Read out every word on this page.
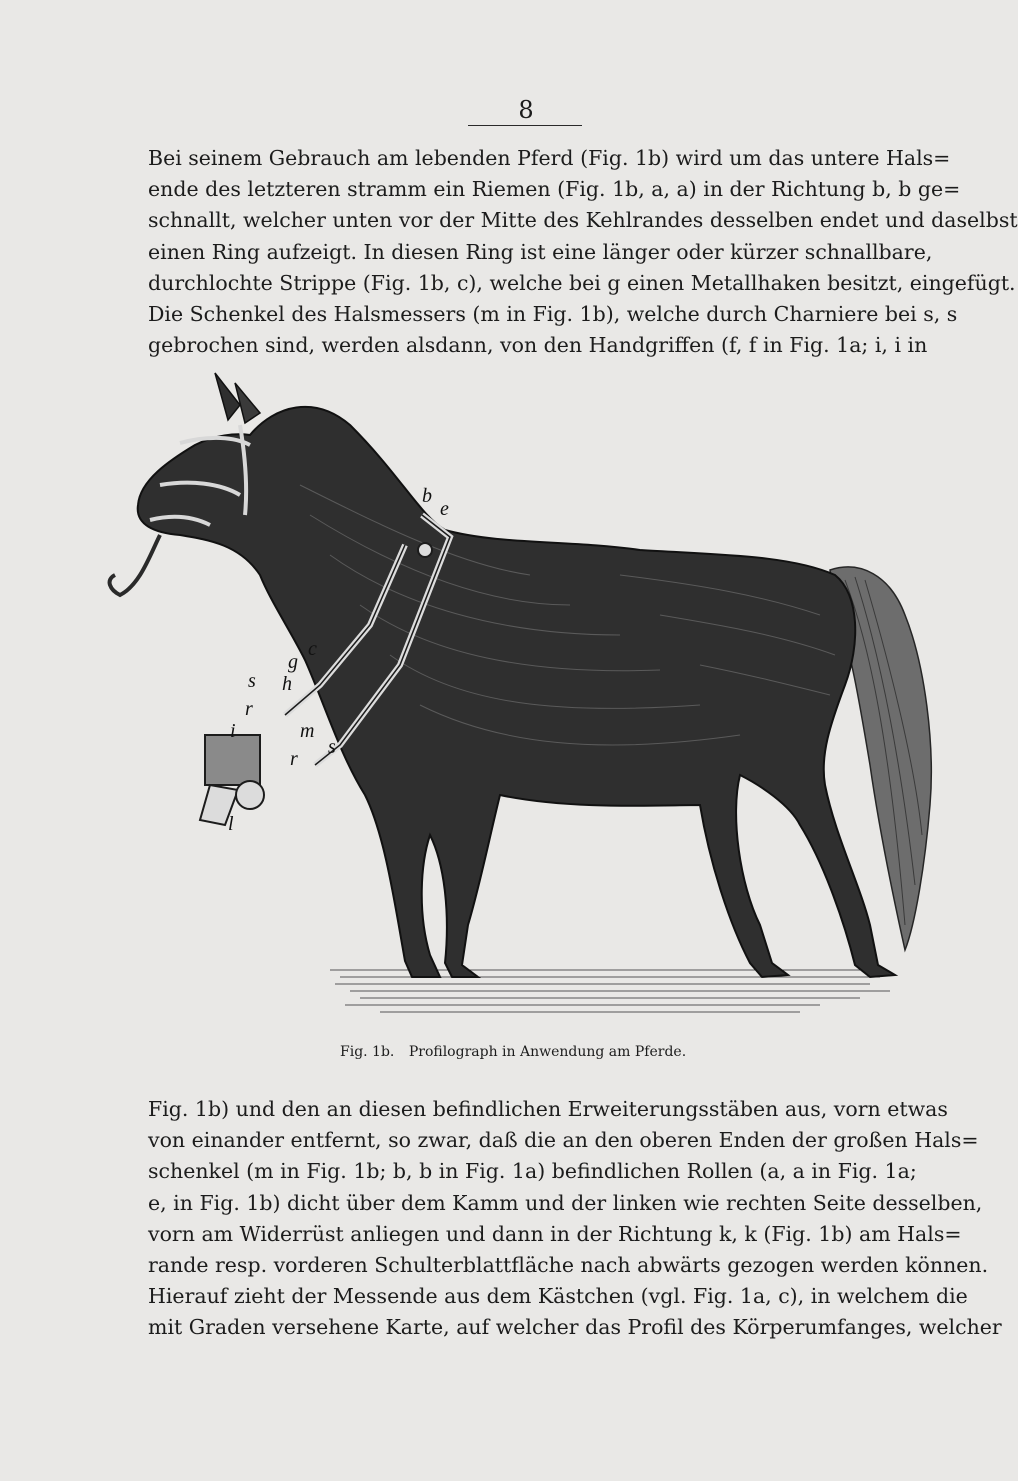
8
Bei seinem Gebrauch am lebenden Pferd (Fig. 1b) wird um das untere Hals=
ende des letzteren stramm ein Riemen (Fig. 1b, a, a) in der Richtung b, b ge=
schnallt, welcher unten vor der Mitte des Kehlrandes desselben endet und daselbst
einen Ring aufzeigt. In diesen Ring ist eine länger oder kürzer schnallbare,
durchlochte Strippe (Fig. 1b, c), welche bei g einen Metallhaken besitzt, eingefügt.
Die Schenkel des Halsmessers (m in Fig. 1b), welche durch Charniere bei s, s
gebrochen sind, werden alsdann, von den Handgriffen (f, f in Fig. 1a; i, i in
b
e
c
g
h
s
r
i	m
s
r
l
Fig. 1b. Profilograph in Anwendung am Pferde.
Fig. 1b) und den an diesen befindlichen Erweiterungsstäben aus, vorn etwas
von einander entfernt, so zwar, daß die an den oberen Enden der großen Hals=
schenkel (m in Fig. 1b; b, b in Fig. 1a) befindlichen Rollen (a, a in Fig. 1a;
e, in Fig. 1b) dicht über dem Kamm und der linken wie rechten Seite desselben,
vorn am Widerrüst anliegen und dann in der Richtung k, k (Fig. 1b) am Hals=
rande resp. vorderen Schulterblattfläche nach abwärts gezogen werden können.
Hierauf zieht der Messende aus dem Kästchen (vgl. Fig. 1a, c), in welchem die
mit Graden versehene Karte, auf welcher das Profil des Körperumfanges, welcher
